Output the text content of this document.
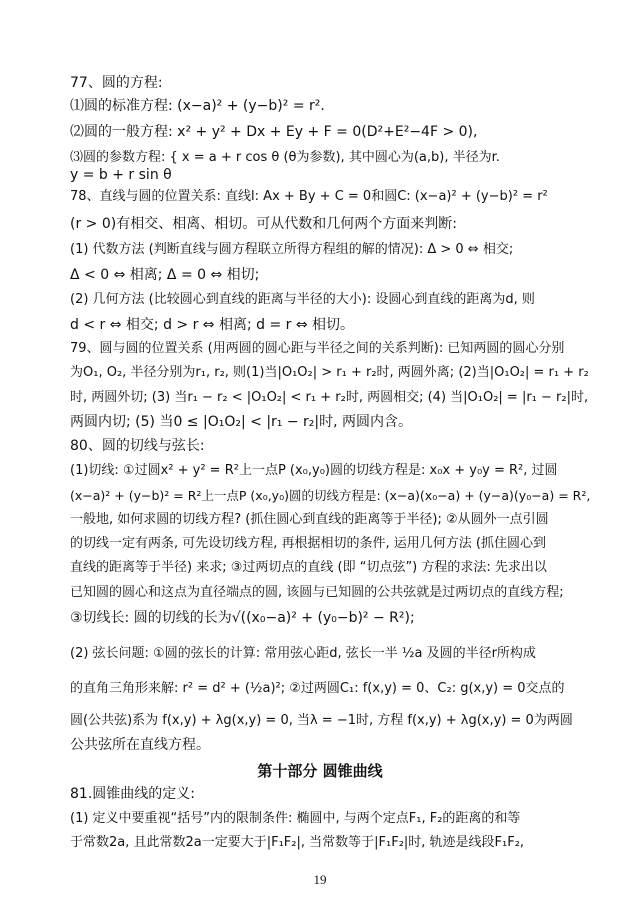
77、圆的方程:
⑴圆的标准方程: (x−a)² + (y−b)² = r².
⑵圆的一般方程: x² + y² + Dx + Ey + F = 0(D²+E²−4F > 0),
⑶圆的参数方程: { x = a + r cos θ (θ为参数), 其中圆心为(a,b), 半径为r.
y = b + r sin θ
78、直线与圆的位置关系: 直线l: Ax + By + C = 0和圆C: (x−a)² + (y−b)² = r²
(r > 0)有相交、相离、相切。可从代数和几何两个方面来判断:
(1) 代数方法 (判断直线与圆方程联立所得方程组的解的情况): Δ > 0 ⇔ 相交;
Δ < 0 ⇔ 相离; Δ = 0 ⇔ 相切;
(2) 几何方法 (比较圆心到直线的距离与半径的大小): 设圆心到直线的距离为d, 则
d < r ⇔ 相交; d > r ⇔ 相离; d = r ⇔ 相切。
79、圆与圆的位置关系 (用两圆的圆心距与半径之间的关系判断): 已知两圆的圆心分别
为O₁, O₂, 半径分别为r₁, r₂, 则(1)当|O₁O₂| > r₁ + r₂时, 两圆外离; (2)当|O₁O₂| = r₁ + r₂
时, 两圆外切; (3) 当r₁ − r₂ < |O₁O₂| < r₁ + r₂时, 两圆相交; (4) 当|O₁O₂| = |r₁ − r₂|时,
两圆内切; (5) 当0 ≤ |O₁O₂| < |r₁ − r₂|时, 两圆内含。
80、圆的切线与弦长:
(1)切线: ①过圆x² + y² = R²上一点P (x₀,y₀)圆的切线方程是: x₀x + y₀y = R², 过圆
(x−a)² + (y−b)² = R²上一点P (x₀,y₀)圆的切线方程是: (x−a)(x₀−a) + (y−a)(y₀−a) = R²,
一般地, 如何求圆的切线方程? (抓住圆心到直线的距离等于半径); ②从圆外一点引圆
的切线一定有两条, 可先设切线方程, 再根据相切的条件, 运用几何方法 (抓住圆心到
直线的距离等于半径) 来求; ③过两切点的直线 (即 “切点弦”) 方程的求法: 先求出以
已知圆的圆心和这点为直径端点的圆, 该圆与已知圆的公共弦就是过两切点的直线方程;
③切线长: 圆的切线的长为√((x₀−a)² + (y₀−b)² − R²);
(2) 弦长问题: ①圆的弦长的计算: 常用弦心距d, 弦长一半 ½a 及圆的半径r所构成
的直角三角形来解: r² = d² + (½a)²; ②过两圆C₁: f(x,y) = 0、C₂: g(x,y) = 0交点的
圆(公共弦)系为 f(x,y) + λg(x,y) = 0, 当λ = −1时, 方程 f(x,y) + λg(x,y) = 0为两圆
公共弦所在直线方程。
81.圆锥曲线的定义:
(1) 定义中要重视“括号”内的限制条件: 椭圆中, 与两个定点F₁, F₂的距离的和等
于常数2a, 且此常数2a一定要大于|F₁F₂|, 当常数等于|F₁F₂|时, 轨迹是线段F₁F₂,
第十部分 圆锥曲线
19
